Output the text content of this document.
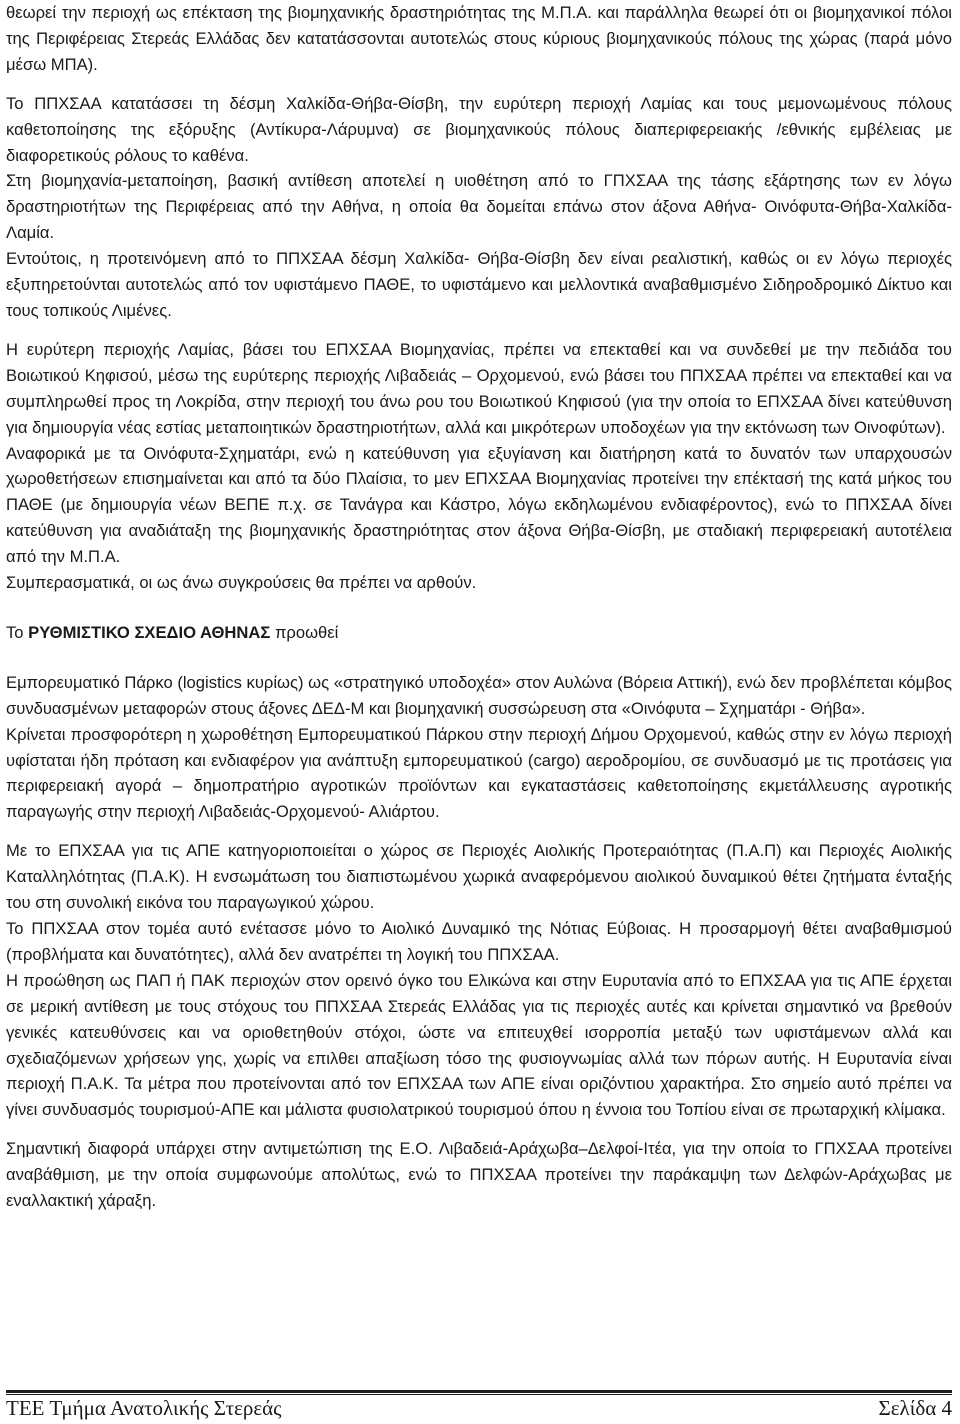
θεωρεί την περιοχή ως επέκταση της βιομηχανικής δραστηριότητας της Μ.Π.Α. και παράλληλα θεωρεί ότι οι βιομηχανικοί πόλοι της Περιφέρειας Στερεάς Ελλάδας δεν κατατάσσονται αυτοτελώς στους κύριους βιομηχανικούς πόλους της χώρας (παρά μόνο μέσω ΜΠΑ).

Το ΠΠΧΣΑΑ κατατάσσει τη δέσμη Χαλκίδα-Θήβα-Θίσβη, την ευρύτερη περιοχή Λαμίας και τους μεμονωμένους πόλους καθετοποίησης της εξόρυξης (Αντίκυρα-Λάρυμνα) σε βιομηχανικούς πόλους διαπεριφερειακής /εθνικής εμβέλειας με διαφορετικούς ρόλους το καθένα.

Στη βιομηχανία-μεταποίηση, βασική αντίθεση αποτελεί η υιοθέτηση από το ΓΠΧΣΑΑ της τάσης εξάρτησης των εν λόγω δραστηριοτήτων της Περιφέρειας από την Αθήνα, η οποία θα δομείται επάνω στον άξονα Αθήνα- Οινόφυτα-Θήβα-Χαλκίδα-Λαμία.

Εντούτοις, η προτεινόμενη από το ΠΠΧΣΑΑ δέσμη Χαλκίδα- Θήβα-Θίσβη δεν είναι ρεαλιστική, καθώς οι εν λόγω περιοχές εξυπηρετούνται αυτοτελώς από τον υφιστάμενο ΠΑΘΕ, το υφιστάμενο και μελλοντικά αναβαθμισμένο Σιδηροδρομικό Δίκτυο και τους τοπικούς Λιμένες.

Η ευρύτερη περιοχής Λαμίας, βάσει του ΕΠΧΣΑΑ Βιομηχανίας, πρέπει να επεκταθεί και να συνδεθεί με την πεδιάδα του Βοιωτικού Κηφισού, μέσω της ευρύτερης περιοχής Λιβαδειάς – Ορχομενού, ενώ βάσει του ΠΠΧΣΑΑ πρέπει να επεκταθεί και να συμπληρωθεί προς τη Λοκρίδα, στην περιοχή του άνω ρου του Βοιωτικού Κηφισού (για την οποία το ΕΠΧΣΑΑ δίνει κατεύθυνση για δημιουργία νέας εστίας μεταποιητικών δραστηριοτήτων, αλλά και μικρότερων υποδοχέων για την εκτόνωση των Οινοφύτων).

Αναφορικά με τα Οινόφυτα-Σχηματάρι, ενώ η κατεύθυνση για εξυγίανση και διατήρηση κατά το δυνατόν των υπαρχουσών χωροθετήσεων επισημαίνεται και από τα δύο Πλαίσια, το μεν ΕΠΧΣΑΑ Βιομηχανίας προτείνει την επέκτασή της κατά μήκος του ΠΑΘΕ (με δημιουργία νέων ΒΕΠΕ π.χ. σε Τανάγρα και Κάστρο, λόγω εκδηλωμένου ενδιαφέροντος), ενώ το ΠΠΧΣΑΑ δίνει κατεύθυνση για αναδιάταξη της βιομηχανικής δραστηριότητας στον άξονα Θήβα-Θίσβη, με σταδιακή περιφερειακή αυτοτέλεια από την Μ.Π.Α.

Συμπερασματικά, οι ως άνω συγκρούσεις θα πρέπει να αρθούν.

Το ΡΥΘΜΙΣΤΙΚΟ ΣΧΕΔΙΟ ΑΘΗΝΑΣ προωθεί

Εμπορευματικό Πάρκο (logistics κυρίως) ως «στρατηγικό υποδοχέα» στον Αυλώνα (Βόρεια Αττική), ενώ δεν προβλέπεται κόμβος συνδυασμένων μεταφορών στους άξονες ΔΕΔ-Μ και βιομηχανική συσσώρευση στα «Οινόφυτα – Σχηματάρι - Θήβα».

Κρίνεται προσφορότερη η χωροθέτηση Εμπορευματικού Πάρκου στην περιοχή Δήμου Ορχομενού, καθώς στην εν λόγω περιοχή υφίσταται ήδη πρόταση και ενδιαφέρον για ανάπτυξη εμπορευματικού (cargo) αεροδρομίου, σε συνδυασμό με τις προτάσεις για περιφερειακή αγορά – δημοπρατήριο αγροτικών προϊόντων και εγκαταστάσεις καθετοποίησης εκμετάλλευσης αγροτικής παραγωγής στην περιοχή Λιβαδειάς-Ορχομενού- Αλιάρτου.

Με το ΕΠΧΣΑΑ για τις ΑΠΕ κατηγοριοποιείται ο χώρος σε Περιοχές Αιολικής Προτεραιότητας (Π.Α.Π) και Περιοχές Αιολικής Καταλληλότητας (Π.Α.Κ). Η ενσωμάτωση του διαπιστωμένου χωρικά αναφερόμενου αιολικού δυναμικού θέτει ζητήματα ένταξής του στη συνολική εικόνα του παραγωγικού χώρου.

Το ΠΠΧΣΑΑ στον τομέα αυτό ενέτασσε μόνο το Αιολικό Δυναμικό της Νότιας Εύβοιας. Η προσαρμογή θέτει αναβαθμισμού (προβλήματα και δυνατότητες), αλλά δεν ανατρέπει τη λογική του ΠΠΧΣΑΑ.

Η προώθηση ως ΠΑΠ ή ΠΑΚ περιοχών στον ορεινό όγκο του Ελικώνα και στην Ευρυτανία από το ΕΠΧΣΑΑ για τις ΑΠΕ έρχεται σε μερική αντίθεση με τους στόχους του ΠΠΧΣΑΑ Στερεάς Ελλάδας για τις περιοχές αυτές και κρίνεται σημαντικό να βρεθούν γενικές κατευθύνσεις και να οριοθετηθούν στόχοι, ώστε να επιτευχθεί ισορροπία μεταξύ των υφιστάμενων αλλά και σχεδιαζόμενων χρήσεων γης, χωρίς να επιλθει απαξίωση τόσο της φυσιογνωμίας αλλά των πόρων αυτής. Η Ευρυτανία είναι περιοχή Π.Α.Κ. Τα μέτρα που προτείνονται από τον ΕΠΧΣΑΑ των ΑΠΕ είναι οριζόντιου χαρακτήρα. Στο σημείο αυτό πρέπει να γίνει συνδυασμός τουρισμού-ΑΠΕ και μάλιστα φυσιολατρικού τουρισμού όπου η έννοια του Τοπίου είναι σε πρωταρχική κλίμακα.

Σημαντική διαφορά υπάρχει στην αντιμετώπιση της Ε.Ο. Λιβαδειά-Αράχωβα–Δελφοί-Ιτέα, για την οποία το ΓΠΧΣΑΑ προτείνει αναβάθμιση, με την οποία συμφωνούμε απολύτως, ενώ το ΠΠΧΣΑΑ προτείνει την παράκαμψη των Δελφών-Αράχωβας με εναλλακτική χάραξη.

ΤΕΕ Τμήμα Ανατολικής Στερεάς	Σελίδα 4
